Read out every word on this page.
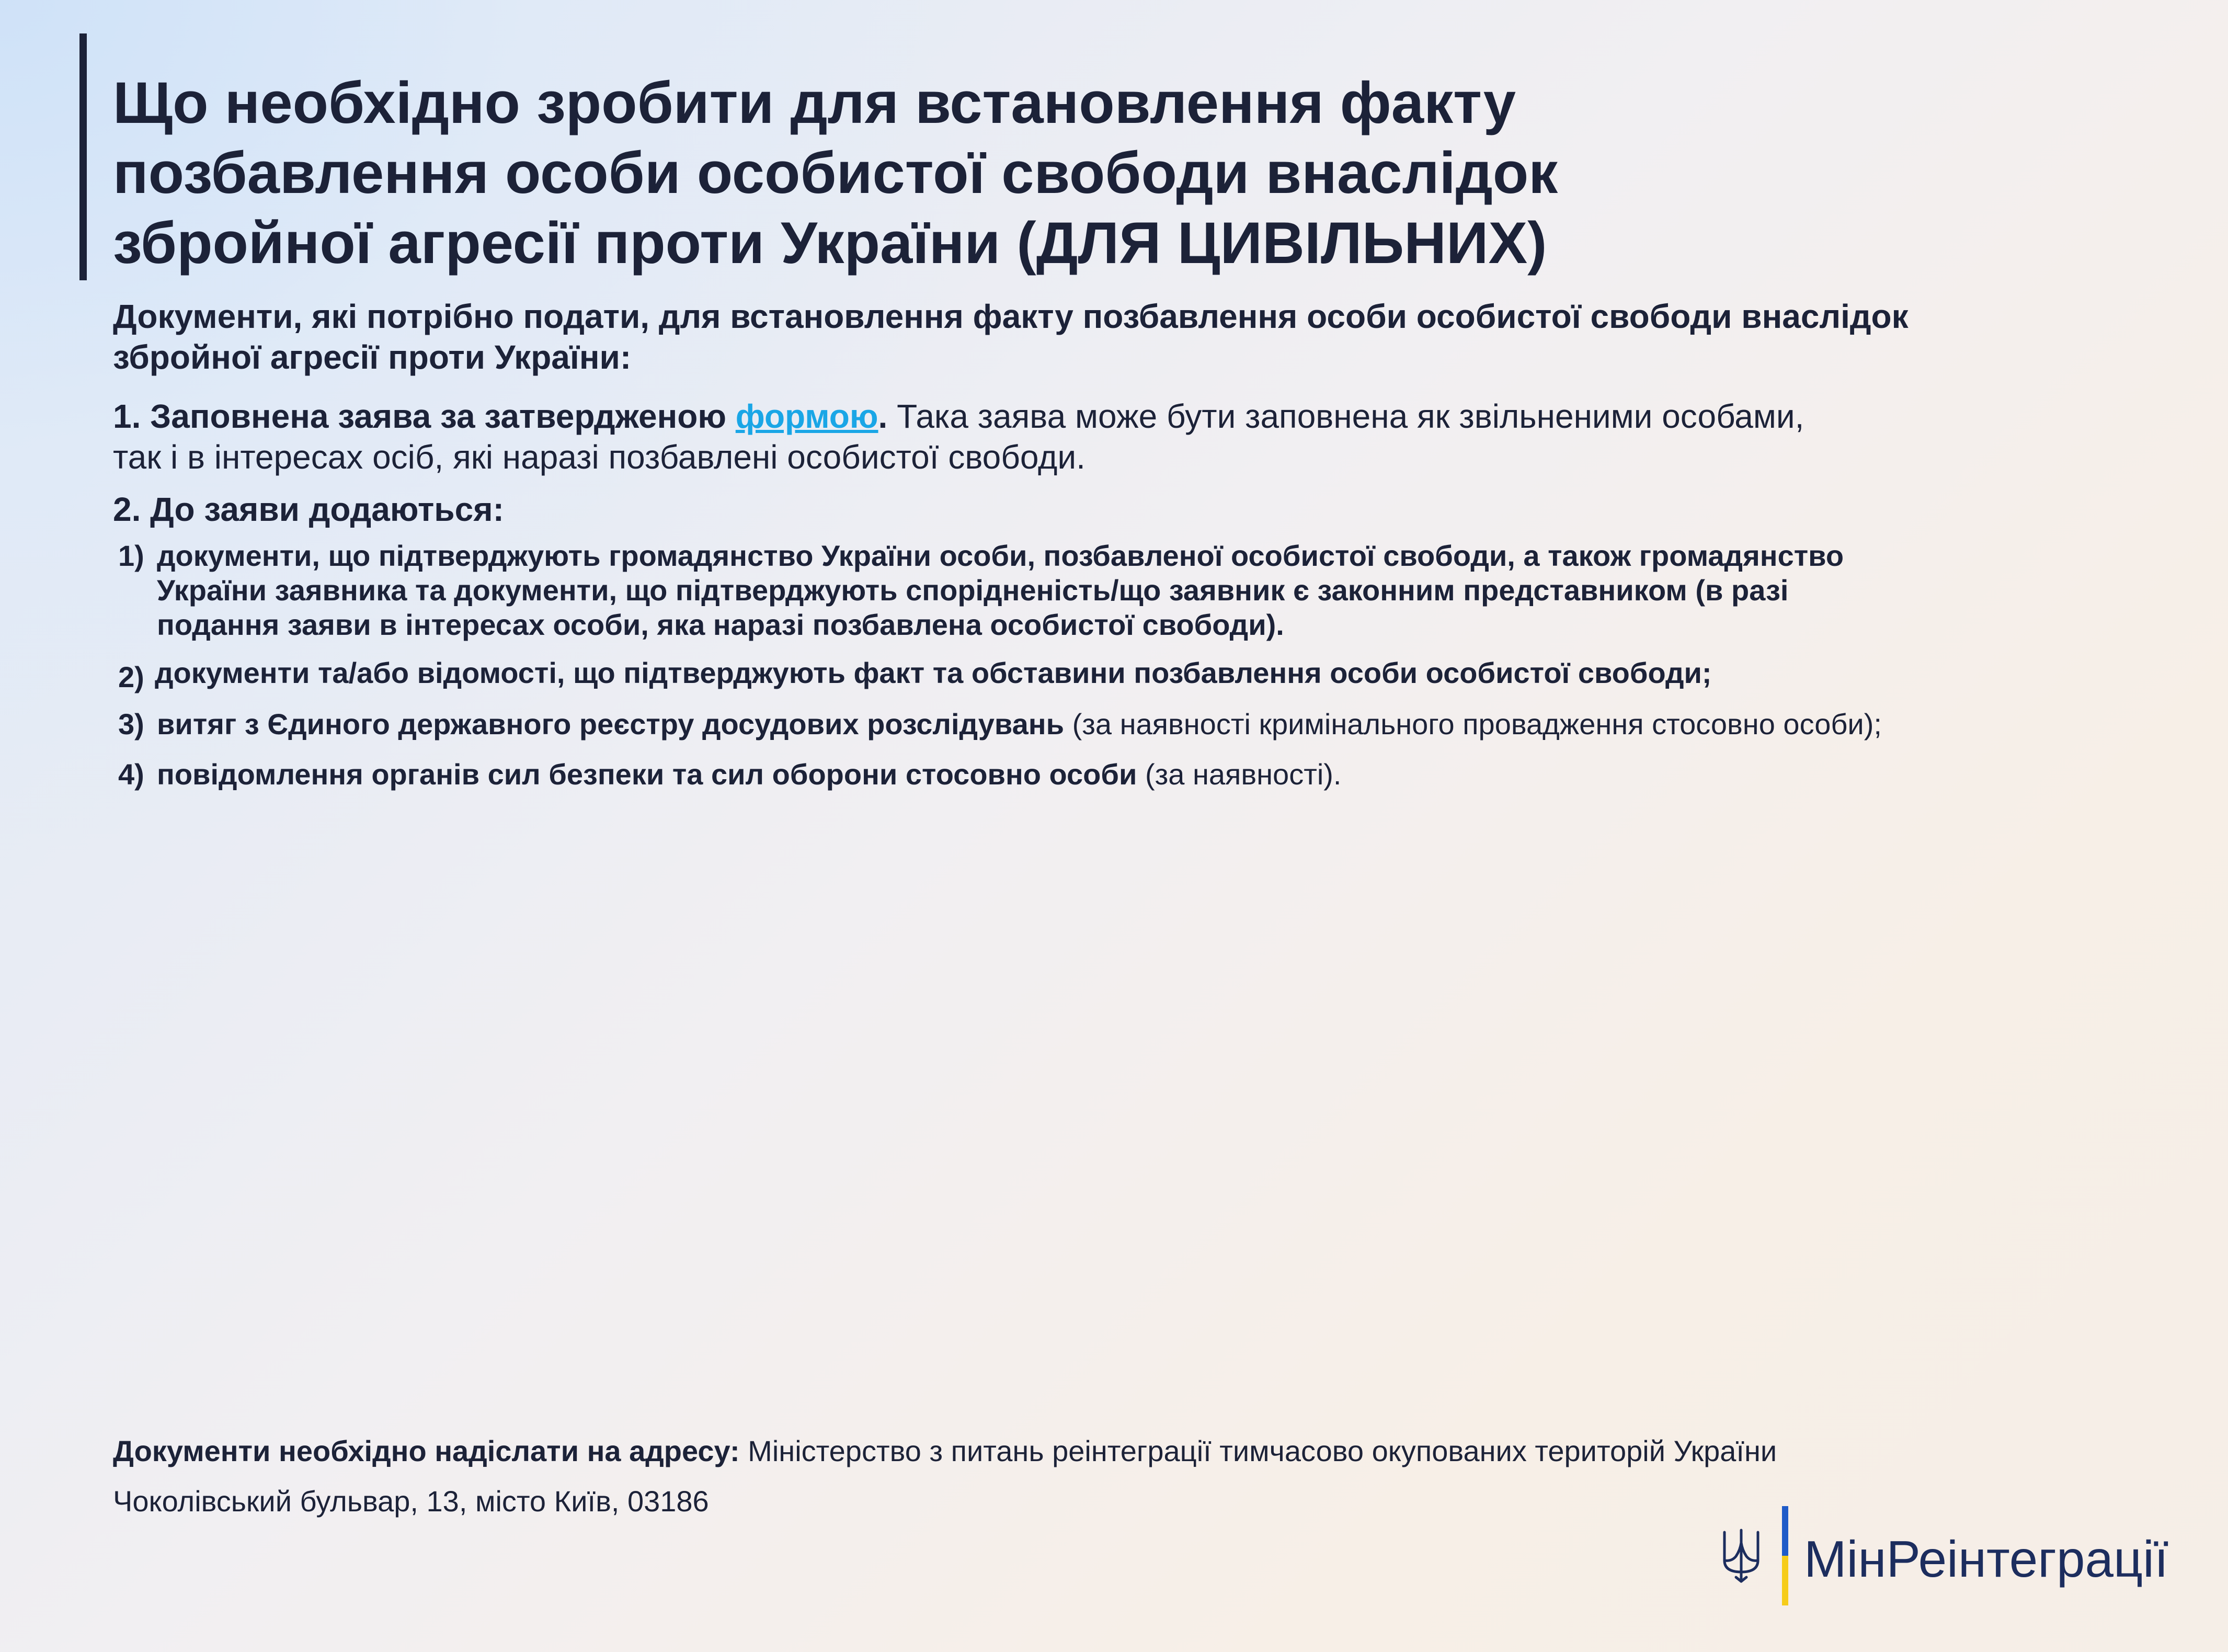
Що необхідно зробити для встановлення факту
позбавлення особи особистої свободи внаслідок
збройної агресії проти України (ДЛЯ ЦИВІЛЬНИХ)
Документи, які потрібно подати, для встановлення факту позбавлення особи особистої свободи внаслідок
збройної агресії проти України:
1. Заповнена заява за затвердженою формою. Така заява може бути заповнена як звільненими особами,
так і в інтересах осіб, які наразі позбавлені особистої свободи.
2. До заяви додаються:
1) документи, що підтверджують громадянство України особи, позбавленої особистої свободи, а також громадянство
України заявника та документи, що підтверджують спорідненість/що заявник є законним представником (в разі
подання заяви в інтересах особи, яка наразі позбавлена особистої свободи).
2) документи та/або відомості, що підтверджують факт та обставини позбавлення особи особистої свободи;
3) витяг з Єдиного державного реєстру досудових розслідувань (за наявності кримінального провадження стосовно особи);
4) повідомлення органів сил безпеки та сил оборони стосовно особи (за наявності).
Документи необхідно надіслати на адресу: Міністерство з питань реінтеграції тимчасово окупованих територій України
Чоколівський бульвар, 13, місто Київ, 03186
МінРеінтеграції
